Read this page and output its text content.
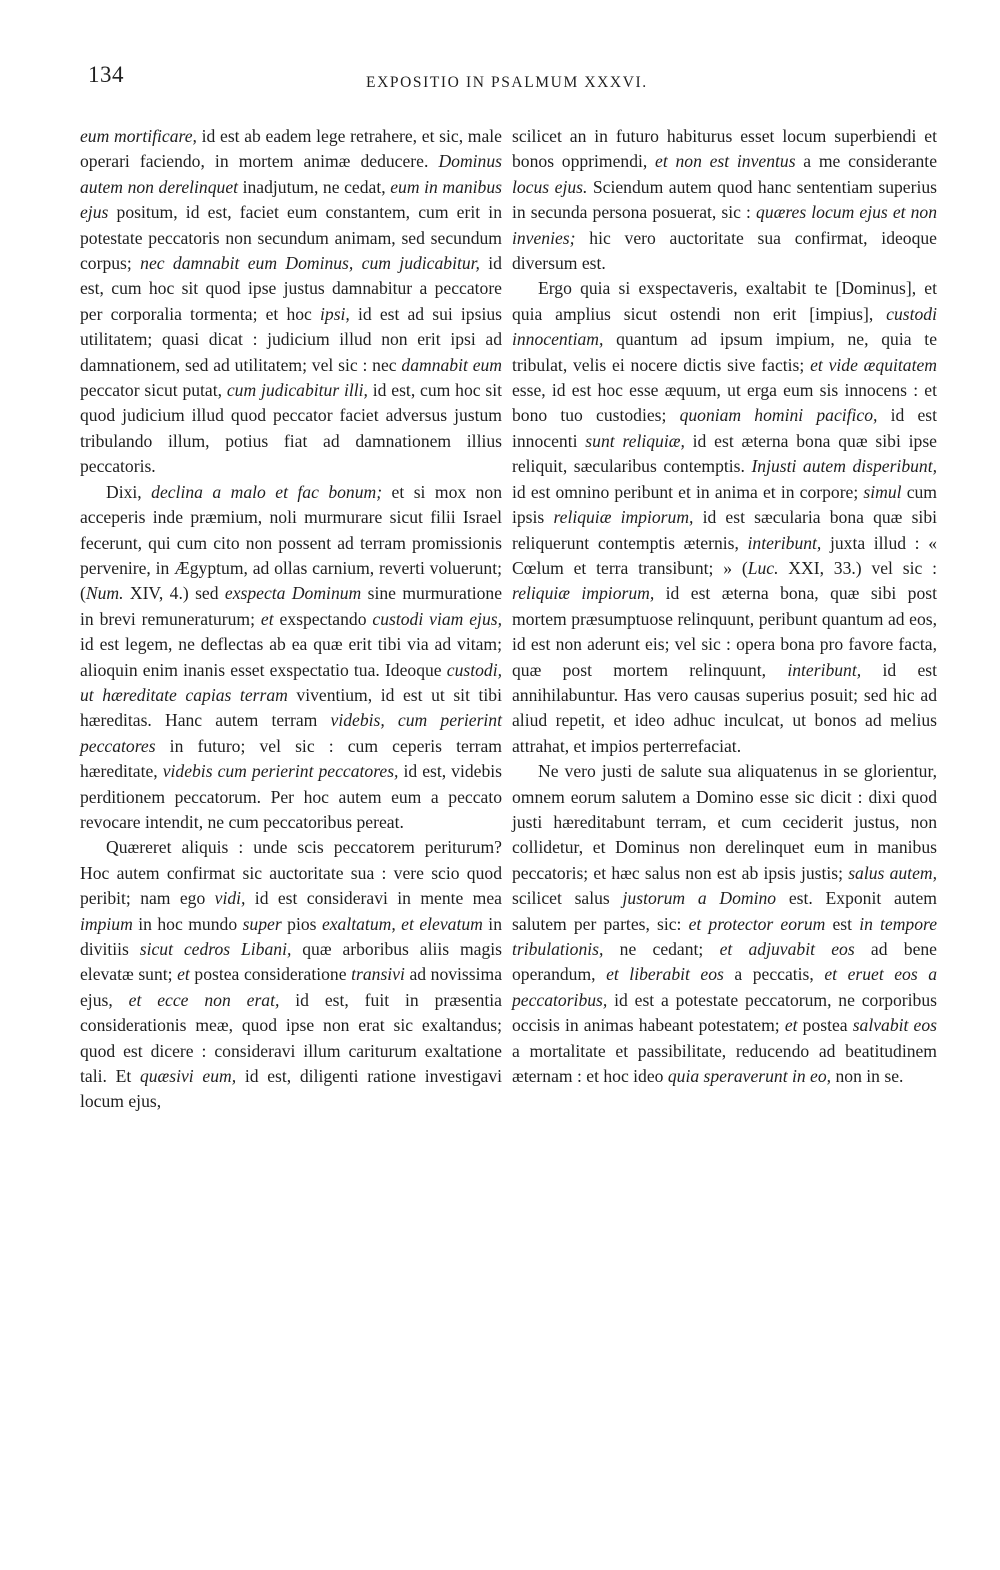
134	EXPOSITIO IN PSALMUM XXXVI.

eum mortificare, id est ab eadem lege retrahere, et sic, male operari faciendo, in mortem animæ deducere. Dominus autem non derelinquet inadjutum, ne cedat, eum in manibus ejus positum, id est, faciet eum constantem, cum erit in potestate peccatoris non secundum animam, sed secundum corpus; nec damnabit eum Dominus, cum judicabitur, id est, cum hoc sit quod ipse justus damnabitur a peccatore per corporalia tormenta; et hoc ipsi, id est ad sui ipsius utilitatem; quasi dicat : judicium illud non erit ipsi ad damnationem, sed ad utilitatem; vel sic : nec damnabit eum peccator sicut putat, cum judicabitur illi, id est, cum hoc sit quod judicium illud quod peccator faciet adversus justum tribulando illum, potius fiat ad damnationem illius peccatoris.

Dixi, declina a malo et fac bonum; et si mox non acceperis inde præmium, noli murmurare sicut filii Israel fecerunt, qui cum cito non possent ad terram promissionis pervenire, in Ægyptum, ad ollas carnium, reverti voluerunt; (Num. XIV, 4.) sed exspecta Dominum sine murmuratione in brevi remuneraturum; et exspectando custodi viam ejus, id est legem, ne deflectas ab ea quæ erit tibi via ad vitam; alioquin enim inanis esset exspectatio tua. Ideoque custodi, ut hæreditate capias terram viventium, id est ut sit tibi hæreditas. Hanc autem terram videbis, cum perierint peccatores in futuro; vel sic : cum ceperis terram hæreditate, videbis cum perierint peccatores, id est, videbis perditionem peccatorum. Per hoc autem eum a peccato revocare intendit, ne cum peccatoribus pereat.

Quæreret aliquis : unde scis peccatorem periturum? Hoc autem confirmat sic auctoritate sua : vere scio quod peribit; nam ego vidi, id est consideravi in mente mea impium in hoc mundo super pios exaltatum, et elevatum in divitiis sicut cedros Libani, quæ arboribus aliis magis elevatæ sunt; et postea consideratione transivi ad novissima ejus, et ecce non erat, id est, fuit in præsentia considerationis meæ, quod ipse non erat sic exaltandus; quod est dicere : consideravi illum cariturum exaltatione tali. Et quæsivi eum, id est, diligenti ratione investigavi locum ejus,

scilicet an in futuro habiturus esset locum superbiendi et bonos opprimendi, et non est inventus a me considerante locus ejus. Sciendum autem quod hanc sententiam superius in secunda persona posuerat, sic : quæres locum ejus et non invenies; hic vero auctoritate sua confirmat, ideoque diversum est.

Ergo quia si exspectaveris, exaltabit te [Dominus], et quia amplius sicut ostendi non erit [impius], custodi innocentiam, quantum ad ipsum impium, ne, quia te tribulat, velis ei nocere dictis sive factis; et vide æquitatem esse, id est hoc esse æquum, ut erga eum sis innocens : et bono tuo custodies; quoniam homini pacifico, id est innocenti sunt reliquiæ, id est æterna bona quæ sibi ipse reliquit, sæcularibus contemptis. Injusti autem disperibunt, id est omnino peribunt et in anima et in corpore; simul cum ipsis reliquiæ impiorum, id est sæcularia bona quæ sibi reliquerunt contemptis æternis, interibunt, juxta illud : « Cœlum et terra transibunt; » (Luc. XXI, 33.) vel sic : reliquiæ impiorum, id est æterna bona, quæ sibi post mortem præsumptuose relinquunt, peribunt quantum ad eos, id est non aderunt eis; vel sic : opera bona pro favore facta, quæ post mortem relinquunt, interibunt, id est annihilabuntur. Has vero causas superius posuit; sed hic ad aliud repetit, et ideo adhuc inculcat, ut bonos ad melius attrahat, et impios perterrefaciat.

Ne vero justi de salute sua aliquatenus in se glorientur, omnem eorum salutem a Domino esse sic dicit : dixi quod justi hæreditabunt terram, et cum ceciderit justus, non collidetur, et Dominus non derelinquet eum in manibus peccatoris; et hæc salus non est ab ipsis justis; salus autem, scilicet salus justorum a Domino est. Exponit autem salutem per partes, sic: et protector eorum est in tempore tribulationis, ne cedant; et adjuvabit eos ad bene operandum, et liberabit eos a peccatis, et eruet eos a peccatoribus, id est a potestate peccatorum, ne corporibus occisis in animas habeant potestatem; et postea salvabit eos a mortalitate et passibilitate, reducendo ad beatitudinem æternam : et hoc ideo quia speraverunt in eo, non in se.
